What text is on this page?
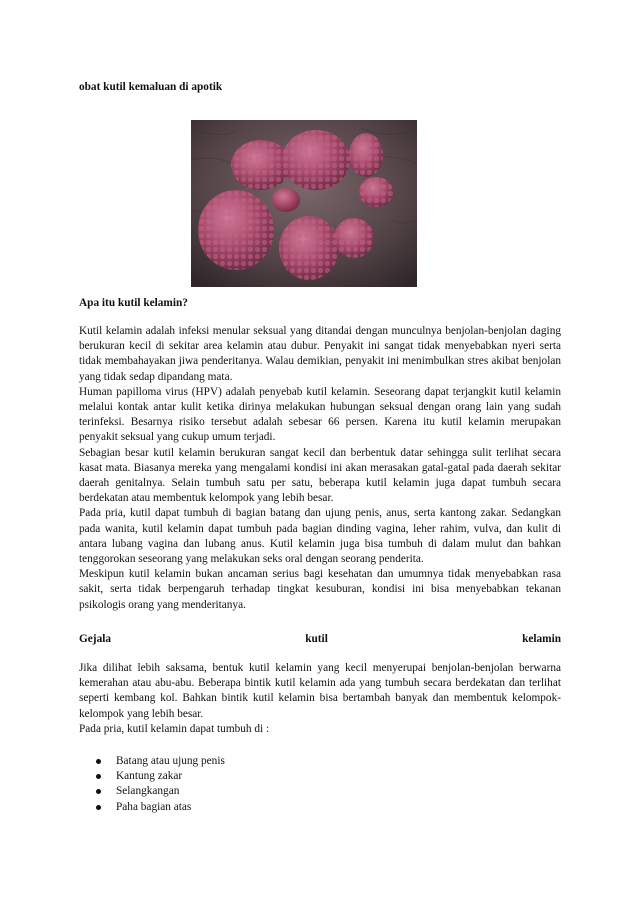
obat kutil kemaluan di apotik
Apa itu kutil kelamin?

Kutil kelamin adalah infeksi menular seksual yang ditandai dengan munculnya benjolan-benjolan daging berukuran kecil di sekitar area kelamin atau dubur. Penyakit ini sangat tidak menyebabkan nyeri serta tidak membahayakan jiwa penderitanya. Walau demikian, penyakit ini menimbulkan stres akibat benjolan yang tidak sedap dipandang mata.

Human papilloma virus (HPV) adalah penyebab kutil kelamin. Seseorang dapat terjangkit kutil kelamin melalui kontak antar kulit ketika dirinya melakukan hubungan seksual dengan orang lain yang sudah terinfeksi. Besarnya risiko tersebut adalah sebesar 66 persen. Karena itu kutil kelamin merupakan penyakit seksual yang cukup umum terjadi.

Sebagian besar kutil kelamin berukuran sangat kecil dan berbentuk datar sehingga sulit terlihat secara kasat mata. Biasanya mereka yang mengalami kondisi ini akan merasakan gatal-gatal pada daerah sekitar daerah genitalnya. Selain tumbuh satu per satu, beberapa kutil kelamin juga dapat tumbuh secara berdekatan atau membentuk kelompok yang lebih besar.

Pada pria, kutil dapat tumbuh di bagian batang dan ujung penis, anus, serta kantong zakar. Sedangkan pada wanita, kutil kelamin dapat tumbuh pada bagian dinding vagina, leher rahim, vulva, dan kulit di antara lubang vagina dan lubang anus. Kutil kelamin juga bisa tumbuh di dalam mulut dan bahkan tenggorokan seseorang yang melakukan seks oral dengan seorang penderita.

Meskipun kutil kelamin bukan ancaman serius bagi kesehatan dan umumnya tidak menyebabkan rasa sakit, serta tidak berpengaruh terhadap tingkat kesuburan, kondisi ini bisa menyebabkan tekanan psikologis orang yang menderitanya.

Gejala	kutil	kelamin

Jika dilihat lebih saksama, bentuk kutil kelamin yang kecil menyerupai benjolan-benjolan berwarna kemerahan atau abu-abu. Beberapa bintik kutil kelamin ada yang tumbuh secara berdekatan dan terlihat seperti kembang kol. Bahkan bintik kutil kelamin bisa bertambah banyak dan membentuk kelompok-kelompok yang lebih besar.

Pada pria, kutil kelamin dapat tumbuh di :

Batang atau ujung penis
Kantung zakar
Selangkangan
Paha bagian atas
